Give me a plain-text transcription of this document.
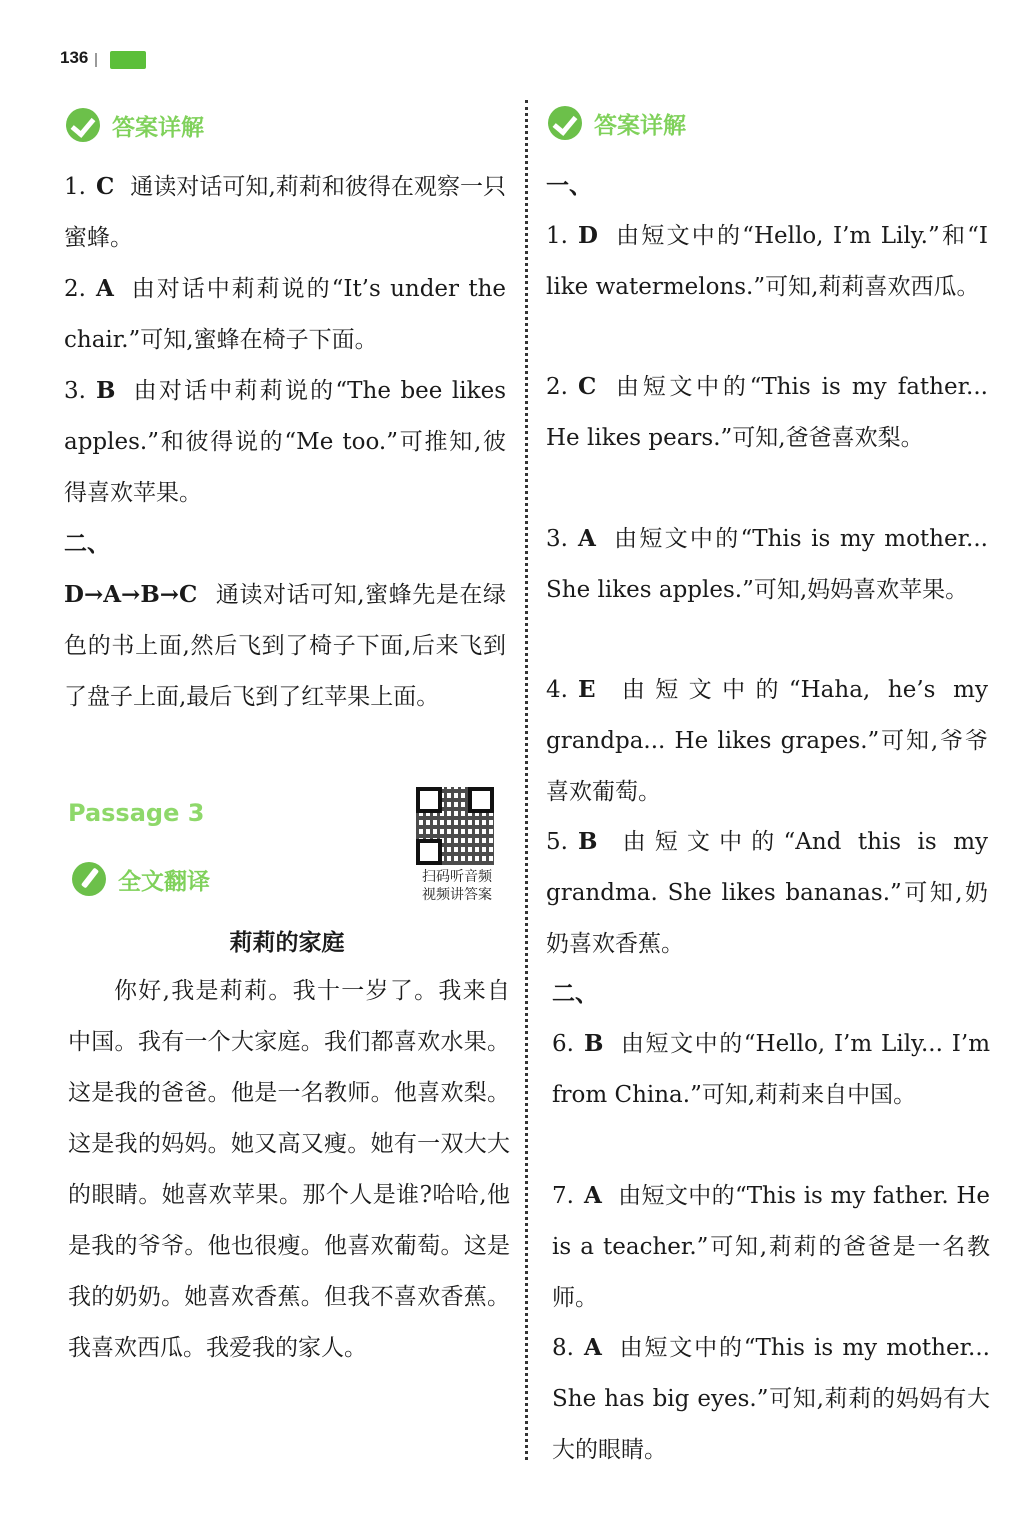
136
答案详解

1. C 通读对话可知,莉莉和彼得在观察一只蜜蜂。

2. A 由对话中莉莉说的“It’s under the chair.”可知,蜜蜂在椅子下面。

3. B 由对话中莉莉说的“The bee likes apples.”和彼得说的“Me too.”可推知,彼得喜欢苹果。

二、

D→A→B→C 通读对话可知,蜜蜂先是在绿色的书上面,然后飞到了椅子下面,后来飞到了盘子上面,最后飞到了红苹果上面。

Passage 3
扫码听音频
视频讲答案
全文翻译
莉莉的家庭

你好,我是莉莉。我十一岁了。我来自中国。我有一个大家庭。我们都喜欢水果。这是我的爸爸。他是一名教师。他喜欢梨。这是我的妈妈。她又高又瘦。她有一双大大的眼睛。她喜欢苹果。那个人是谁?哈哈,他是我的爷爷。他也很瘦。他喜欢葡萄。这是我的奶奶。她喜欢香蕉。但我不喜欢香蕉。我喜欢西瓜。我爱我的家人。

答案详解
一、

1. D 由短文中的“Hello, I’m Lily.”和“I like watermelons.”可知,莉莉喜欢西瓜。

2. C 由短文中的“This is my father... He likes pears.”可知,爸爸喜欢梨。

3. A 由短文中的“This is my mother... She likes apples.”可知,妈妈喜欢苹果。

4. E 由短文中的“Haha, he’s my grandpa... He likes grapes.”可知,爷爷喜欢葡萄。

5. B 由短文中的“And this is my grandma. She likes bananas.”可知,奶奶喜欢香蕉。

二、

6. B 由短文中的“Hello, I’m Lily... I’m from China.”可知,莉莉来自中国。

7. A 由短文中的“This is my father. He is a teacher.”可知,莉莉的爸爸是一名教师。

8. A 由短文中的“This is my mother... She has big eyes.”可知,莉莉的妈妈有大大的眼睛。
